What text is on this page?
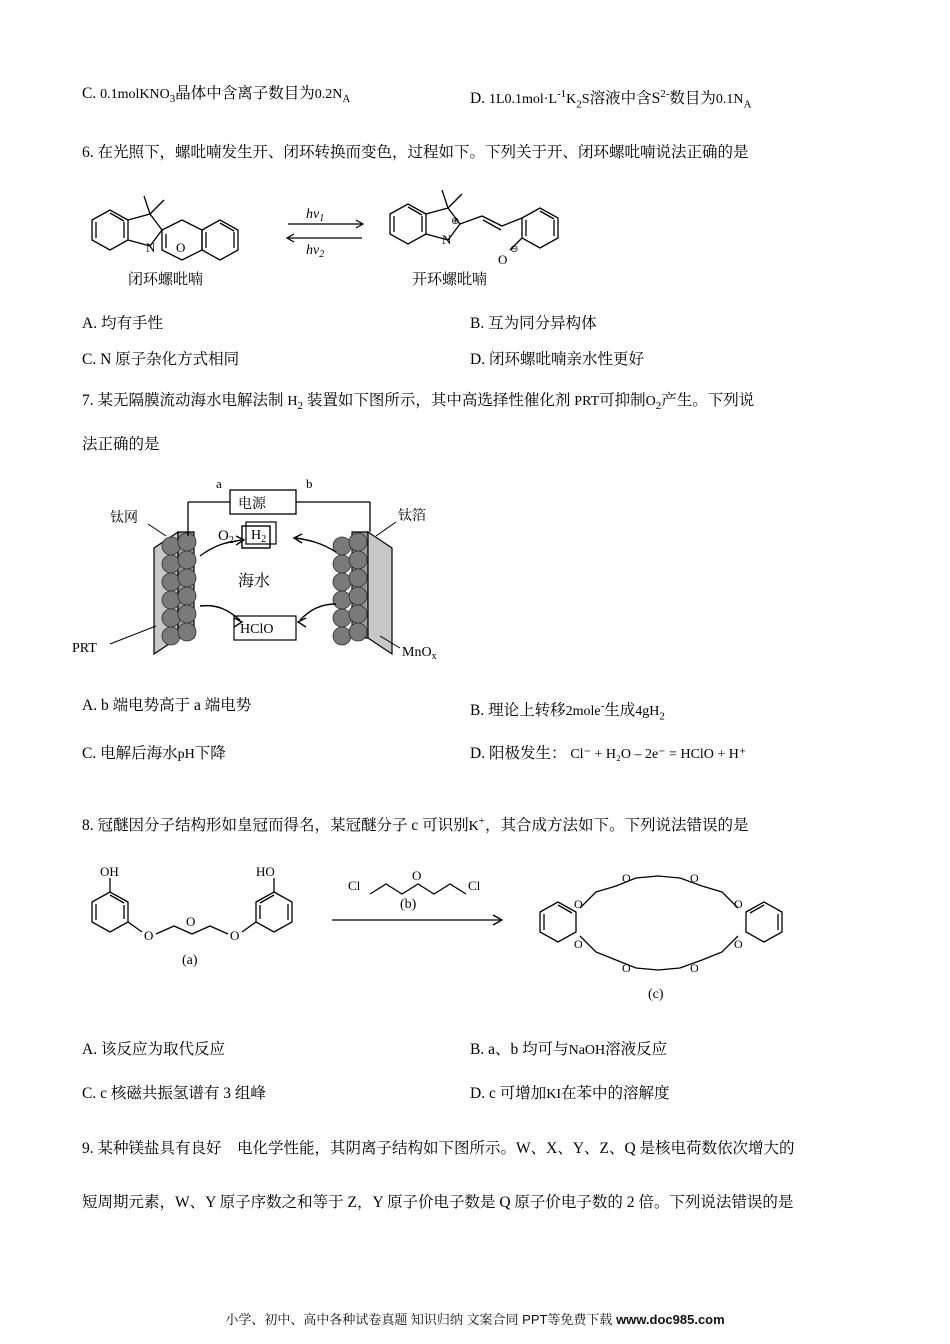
C. 0.1molKNO$_3$晶体中含离子数目为$0.2N_A$	D. $1L0.1mol\cdot L^{-1}K_2S$溶液中含$S^{2-}$数目为$0.1N_A$
6. 在光照下，螺吡喃发生开、闭环转换而变色，过程如下。下列关于开、闭环螺吡喃说法正确的是
N O
$hv_1$
$hv_2$
N
⊕
O
⊖
闭环螺吡喃	开环螺吡喃
A. 均有手性	B. 互为同分异构体
C. N 原子杂化方式相同	D. 闭环螺吡喃亲水性更好
7. 某无隔膜流动海水电解法制 $H_2$ 装置如下图所示，其中高选择性催化剂 PRT可抑制$O_2$产生。下列说
法正确的是
电源
a	b
钛网	钛箔
PRT	MnO$_x$
$O_2$ $H_2$
海水
HClO
A. b 端电势高于 a 端电势	B. 理论上转移2mole-生成$4gH_2$
C. 电解后海水pH下降	D. 阳极发生： Cl⁻ + H₂O – 2e⁻ = HClO + H⁺
8. 冠醚因分子结构形如皇冠而得名，某冠醚分子 c 可识别K+，其合成方法如下。下列说法错误的是
OH	HO
O
O
O
(a)
Cl
O
Cl
(b)	O
O	O
O
O
O
O
O
(c)
A. 该反应为取代反应	B. a、b 均可与NaOH溶液反应
C. c 核磁共振氢谱有 3 组峰	D. c 可增加KI在苯中的溶解度
9. 某种镁盐具有良好　电化学性能，其阴离子结构如下图所示。W、X、Y、Z、Q 是核电荷数依次增大的
短周期元素，W、Y 原子序数之和等于 Z，Y 原子价电子数是 Q 原子价电子数的 2 倍。下列说法错误的是
小学、初中、高中各种试卷真题 知识归纳 文案合同 PPT等免费下载 www.doc985.com
